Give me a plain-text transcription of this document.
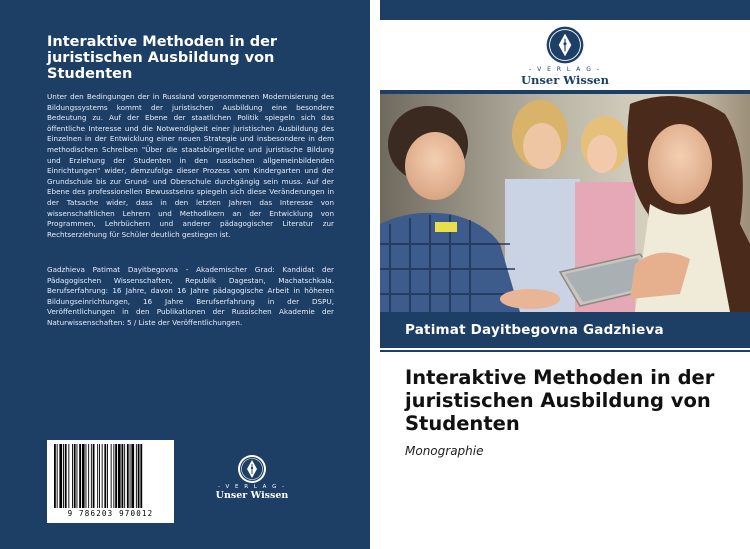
Interaktive Methoden in der juristischen Ausbildung von Studenten
Unter den Bedingungen der in Russland vorgenommenen Modernisierung des Bildungssystems kommt der juristischen Ausbildung eine besondere Bedeutung zu. Auf der Ebene der staatlichen Politik spiegeln sich das öffentliche Interesse und die Notwendigkeit einer juristischen Ausbildung des Einzelnen in der Entwicklung einer neuen Strategie und insbesondere in dem methodischen Schreiben "Über die staatsbürgerliche und juristische Bildung und Erziehung der Studenten in den russischen allgemeinbildenden Einrichtungen" wider, demzufolge dieser Prozess vom Kindergarten und der Grundschule bis zur Grund- und Oberschule durchgängig sein muss. Auf der Ebene des professionellen Bewusstseins spiegeln sich diese Veränderungen in der Tatsache wider, dass in den letzten Jahren das Interesse von wissenschaftlichen Lehrern und Methodikern an der Entwicklung von Programmen, Lehrbüchern und anderer pädagogischer Literatur zur Rechtserziehung für Schüler deutlich gestiegen ist.
Gadzhieva Patimat Dayitbegovna - Akademischer Grad: Kandidat der Pädagogischen Wissenschaften, Republik Dagestan, Machatschkala. Berufserfahrung: 16 Jahre, davon 16 Jahre pädagogische Arbeit in höheren Bildungseinrichtungen, 16 Jahre Berufserfahrung in der DSPU, Veröffentlichungen in den Publikationen der Russischen Akademie der Naturwissenschaften: 5 / Liste der Veröffentlichungen.
9 786203 970012
- V E R L A G -
Unser Wissen
- V E R L A G -
Unser Wissen
Patimat Dayitbegovna Gadzhieva
Interaktive Methoden in der juristischen Ausbildung von Studenten
Monographie
